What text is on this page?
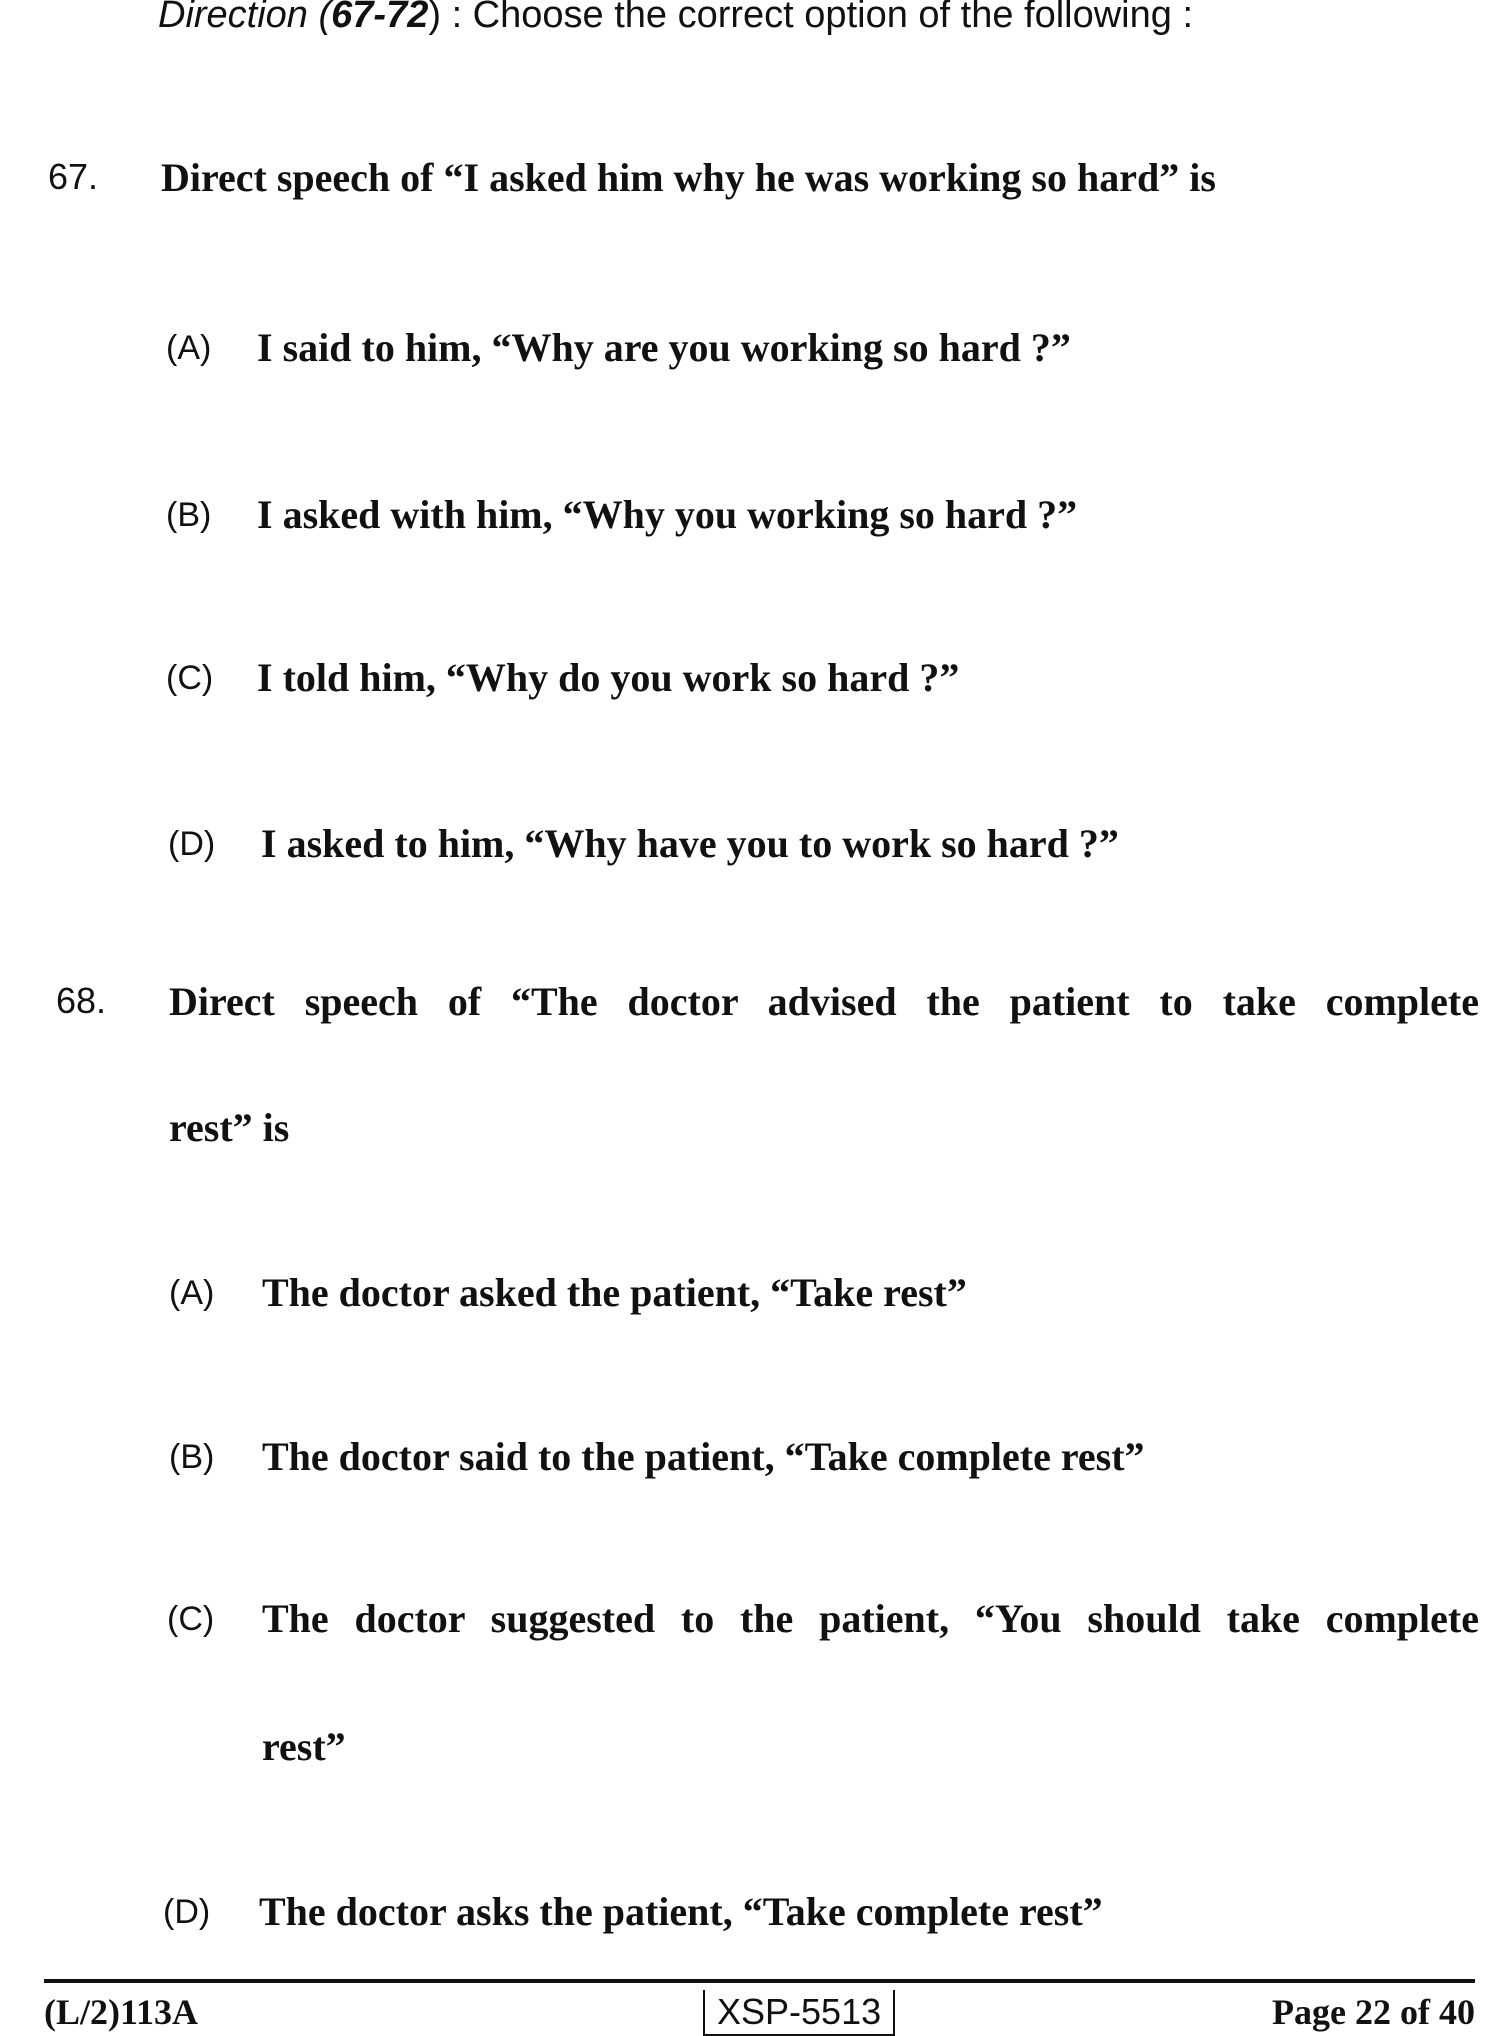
Direction (67-72) : Choose the correct option of the following :
67. Direct speech of “I asked him why he was working so hard” is
(A) I said to him, “Why are you working so hard ?”
(B) I asked with him, “Why you working so hard ?”
(C) I told him, “Why do you work so hard ?”
(D) I asked to him, “Why have you to work so hard ?”
68. Direct speech of “The doctor advised the patient to take complete
rest” is
(A) The doctor asked the patient, “Take rest”
(B) The doctor said to the patient, “Take complete rest”
(C) The doctor suggested to the patient, “You should take complete
rest”
(D) The doctor asks the patient, “Take complete rest”
(L/2)113A	XSP-5513	Page 22 of 40
